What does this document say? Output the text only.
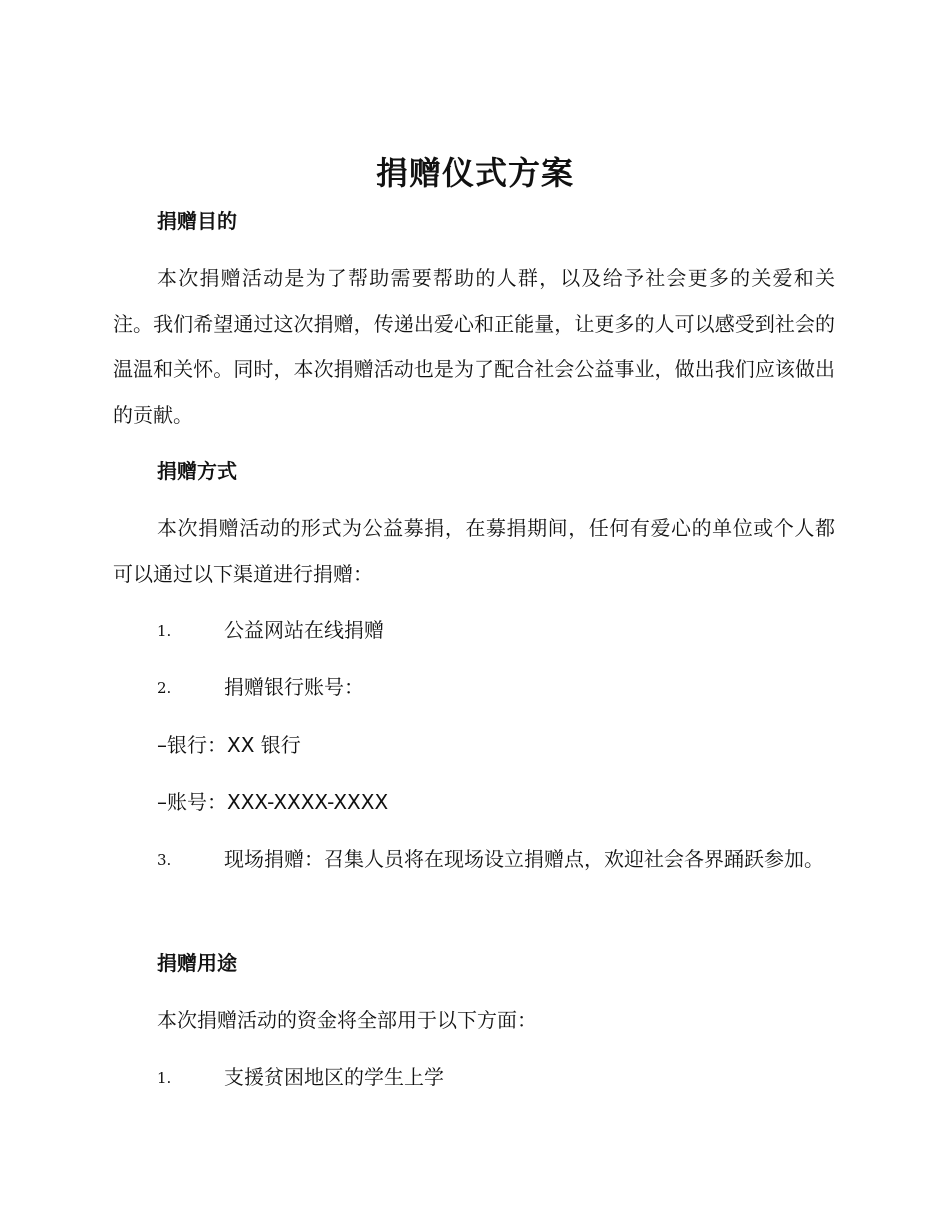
捐赠仪式方案
捐赠目的
本次捐赠活动是为了帮助需要帮助的人群，以及给予社会更多的关爱和关注。我们希望通过这次捐赠，传递出爱心和正能量，让更多的人可以感受到社会的温温和关怀。同时，本次捐赠活动也是为了配合社会公益事业，做出我们应该做出的贡献。
捐赠方式
本次捐赠活动的形式为公益募捐，在募捐期间，任何有爱心的单位或个人都可以通过以下渠道进行捐赠：
1.	公益网站在线捐赠
2.	捐赠银行账号：
–银行：XX 银行
–账号：XXX-XXXX-XXXX
3.	现场捐赠：召集人员将在现场设立捐赠点，欢迎社会各界踊跃参加。
捐赠用途
本次捐赠活动的资金将全部用于以下方面：
1.	支援贫困地区的学生上学
